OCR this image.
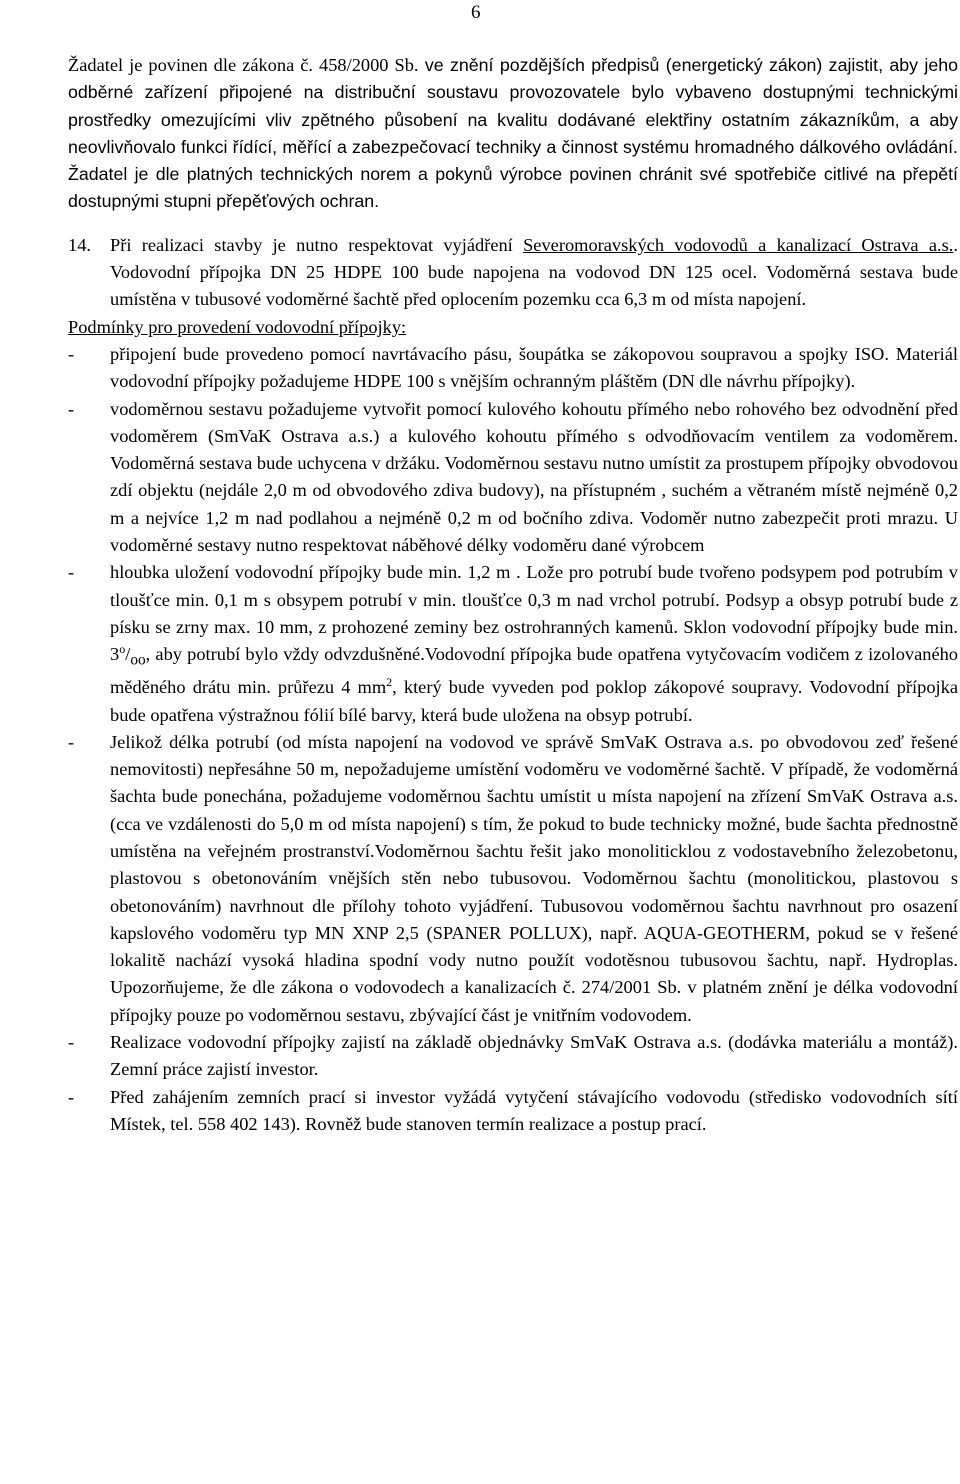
6

Žadatel je povinen dle zákona č. 458/2000 Sb. ve znění pozdějších předpisů (energetický zákon) zajistit, aby jeho odběrné zařízení připojené na distribuční soustavu provozovatele bylo vybaveno dostupnými technickými prostředky omezujícími vliv zpětného působení na kvalitu dodávané elektřiny ostatním zákazníkům, a aby neovlivňovalo funkci řídící, měřící a zabezpečovací techniky a činnost systému hromadného dálkového ovládání. Žadatel je dle platných technických norem a pokynů výrobce povinen chránit své spotřebiče citlivé na přepětí dostupnými stupni přepěťových ochran.

14.	Při realizaci stavby je nutno respektovat vyjádření Severomoravských vodovodů a kanalizací Ostrava a.s.. Vodovodní přípojka DN 25 HDPE 100 bude napojena na vodovod DN 125 ocel. Vodoměrná sestava bude umístěna v tubusové vodoměrné šachtě před oplocením pozemku cca 6,3 m od místa napojení.

Podmínky pro provedení vodovodní přípojky:

- připojení bude provedeno pomocí navrtávacího pásu, šoupátka se zákopovou soupravou a spojky ISO. Materiál vodovodní přípojky požadujeme HDPE 100 s vnějším ochranným pláštěm (DN dle návrhu přípojky).
- vodoměrnou sestavu požadujeme vytvořit pomocí kulového kohoutu přímého nebo rohového bez odvodnění před vodoměrem (SmVaK Ostrava a.s.) a kulového kohoutu přímého s odvodňovacím ventilem za vodoměrem. Vodoměrná sestava bude uchycena v držáku. Vodoměrnou sestavu nutno umístit za prostupem přípojky obvodovou zdí objektu (nejdále 2,0 m od obvodového zdiva budovy), na přístupném , suchém a větraném místě nejméně 0,2 m a nejvíce 1,2 m nad podlahou a nejméně 0,2 m od bočního zdiva. Vodoměr nutno zabezpečit proti mrazu. U vodoměrné sestavy nutno respektovat náběhové délky vodoměru dané výrobcem
- hloubka uložení vodovodní přípojky bude min. 1,2 m . Lože pro potrubí bude tvořeno podsypem pod potrubím v tloušťce min. 0,1 m s obsypem potrubí v min. tloušťce 0,3 m nad vrchol potrubí. Podsyp a obsyp potrubí bude z písku se zrny max. 10 mm, z prohozené zeminy bez ostrohranných kamenů. Sklon vodovodní přípojky bude min. $3^o/_{oo}$, aby potrubí bylo vždy odvzdušněné.Vodovodní přípojka bude opatřena vytyčovacím vodičem z izolovaného měděného drátu min. průřezu 4 $mm^2$, který bude vyveden pod poklop zákopové soupravy. Vodovodní přípojka bude opatřena výstražnou fólií bílé barvy, která bude uložena na obsyp potrubí.
- Jelikož délka potrubí (od místa napojení na vodovod ve správě SmVaK Ostrava a.s. po obvodovou zeď řešené nemovitosti) nepřesáhne 50 m, nepožadujeme umístění vodoměru ve vodoměrné šachtě. V případě, že vodoměrná šachta bude ponechána, požadujeme vodoměrnou šachtu umístit u místa napojení na zřízení SmVaK Ostrava a.s. (cca ve vzdálenosti do 5,0 m od místa napojení) s tím, že pokud to bude technicky možné, bude šachta přednostně umístěna na veřejném prostranství.Vodoměrnou šachtu řešit jako monoliticklou z vodostavebního železobetonu, plastovou s obetonováním vnějších stěn nebo tubusovou. Vodoměrnou šachtu (monolitickou, plastovou s obetonováním) navrhnout dle přílohy tohoto vyjádření. Tubusovou vodoměrnou šachtu navrhnout pro osazení kapslového vodoměru typ MN XNP 2,5 (SPANER POLLUX), např. AQUA-GEOTHERM, pokud se v řešené lokalitě nachází vysoká hladina spodní vody nutno použít vodotěsnou tubusovou šachtu, např. Hydroplas. Upozorňujeme, že dle zákona o vodovodech a kanalizacích č. 274/2001 Sb. v platném znění je délka vodovodní přípojky pouze po vodoměrnou sestavu, zbývající část je vnitřním vodovodem.
- Realizace vodovodní přípojky zajistí na základě objednávky SmVaK Ostrava a.s. (dodávka materiálu a montáž). Zemní práce zajistí investor.
- Před zahájením zemních prací si investor vyžádá vytyčení stávajícího vodovodu (středisko vodovodních sítí Místek, tel. 558 402 143). Rovněž bude stanoven termín realizace a postup prací.
